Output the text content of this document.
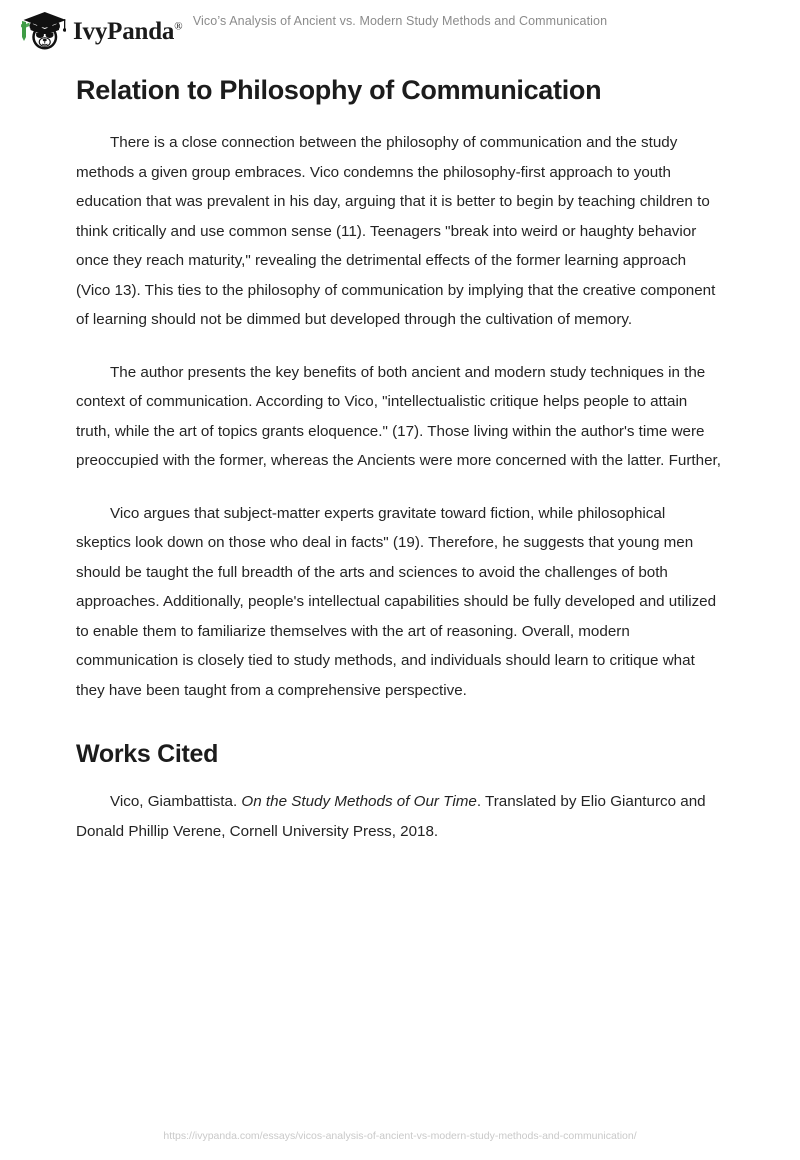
IvyPanda® Vico’s Analysis of Ancient vs. Modern Study Methods and Communication
Relation to Philosophy of Communication

There is a close connection between the philosophy of communication and the study methods a given group embraces. Vico condemns the philosophy-first approach to youth education that was prevalent in his day, arguing that it is better to begin by teaching children to think critically and use common sense (11). Teenagers "break into weird or haughty behavior once they reach maturity," revealing the detrimental effects of the former learning approach (Vico 13). This ties to the philosophy of communication by implying that the creative component of learning should not be dimmed but developed through the cultivation of memory.

The author presents the key benefits of both ancient and modern study techniques in the context of communication. According to Vico, "intellectualistic critique helps people to attain truth, while the art of topics grants eloquence." (17). Those living within the author's time were preoccupied with the former, whereas the Ancients were more concerned with the latter. Further,

Vico argues that subject-matter experts gravitate toward fiction, while philosophical skeptics look down on those who deal in facts" (19). Therefore, he suggests that young men should be taught the full breadth of the arts and sciences to avoid the challenges of both approaches. Additionally, people's intellectual capabilities should be fully developed and utilized to enable them to familiarize themselves with the art of reasoning. Overall, modern communication is closely tied to study methods, and individuals should learn to critique what they have been taught from a comprehensive perspective.

Works Cited

Vico, Giambattista. On the Study Methods of Our Time. Translated by Elio Gianturco and Donald Phillip Verene, Cornell University Press, 2018.

https://ivypanda.com/essays/vicos-analysis-of-ancient-vs-modern-study-methods-and-communication/
